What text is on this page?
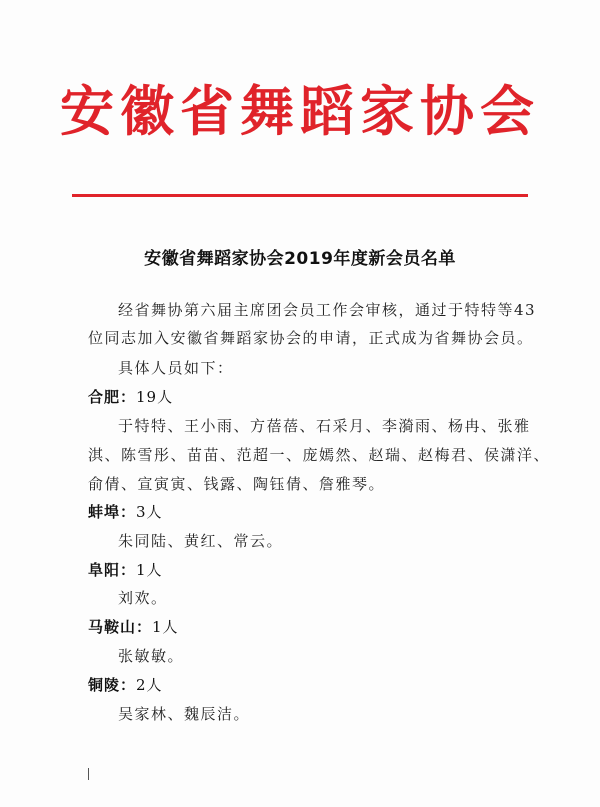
安徽省舞蹈家协会
安徽省舞蹈家协会2019年度新会员名单
经省舞协第六届主席团会员工作会审核，通过于特特等43
位同志加入安徽省舞蹈家协会的申请，正式成为省舞协会员。
具体人员如下：
合肥：19人
于特特、王小雨、方蓓蓓、石采月、李漪雨、杨冉、张雅
淇、陈雪彤、苗苗、范超一、庞嫣然、赵瑞、赵梅君、侯潇洋、
俞倩、宣寅寅、钱露、陶钰倩、詹雅琴。
蚌埠：3人
朱同陆、黄红、常云。
阜阳：1人
刘欢。
马鞍山：1人
张敏敏。
铜陵：2人
吴家林、魏辰洁。
